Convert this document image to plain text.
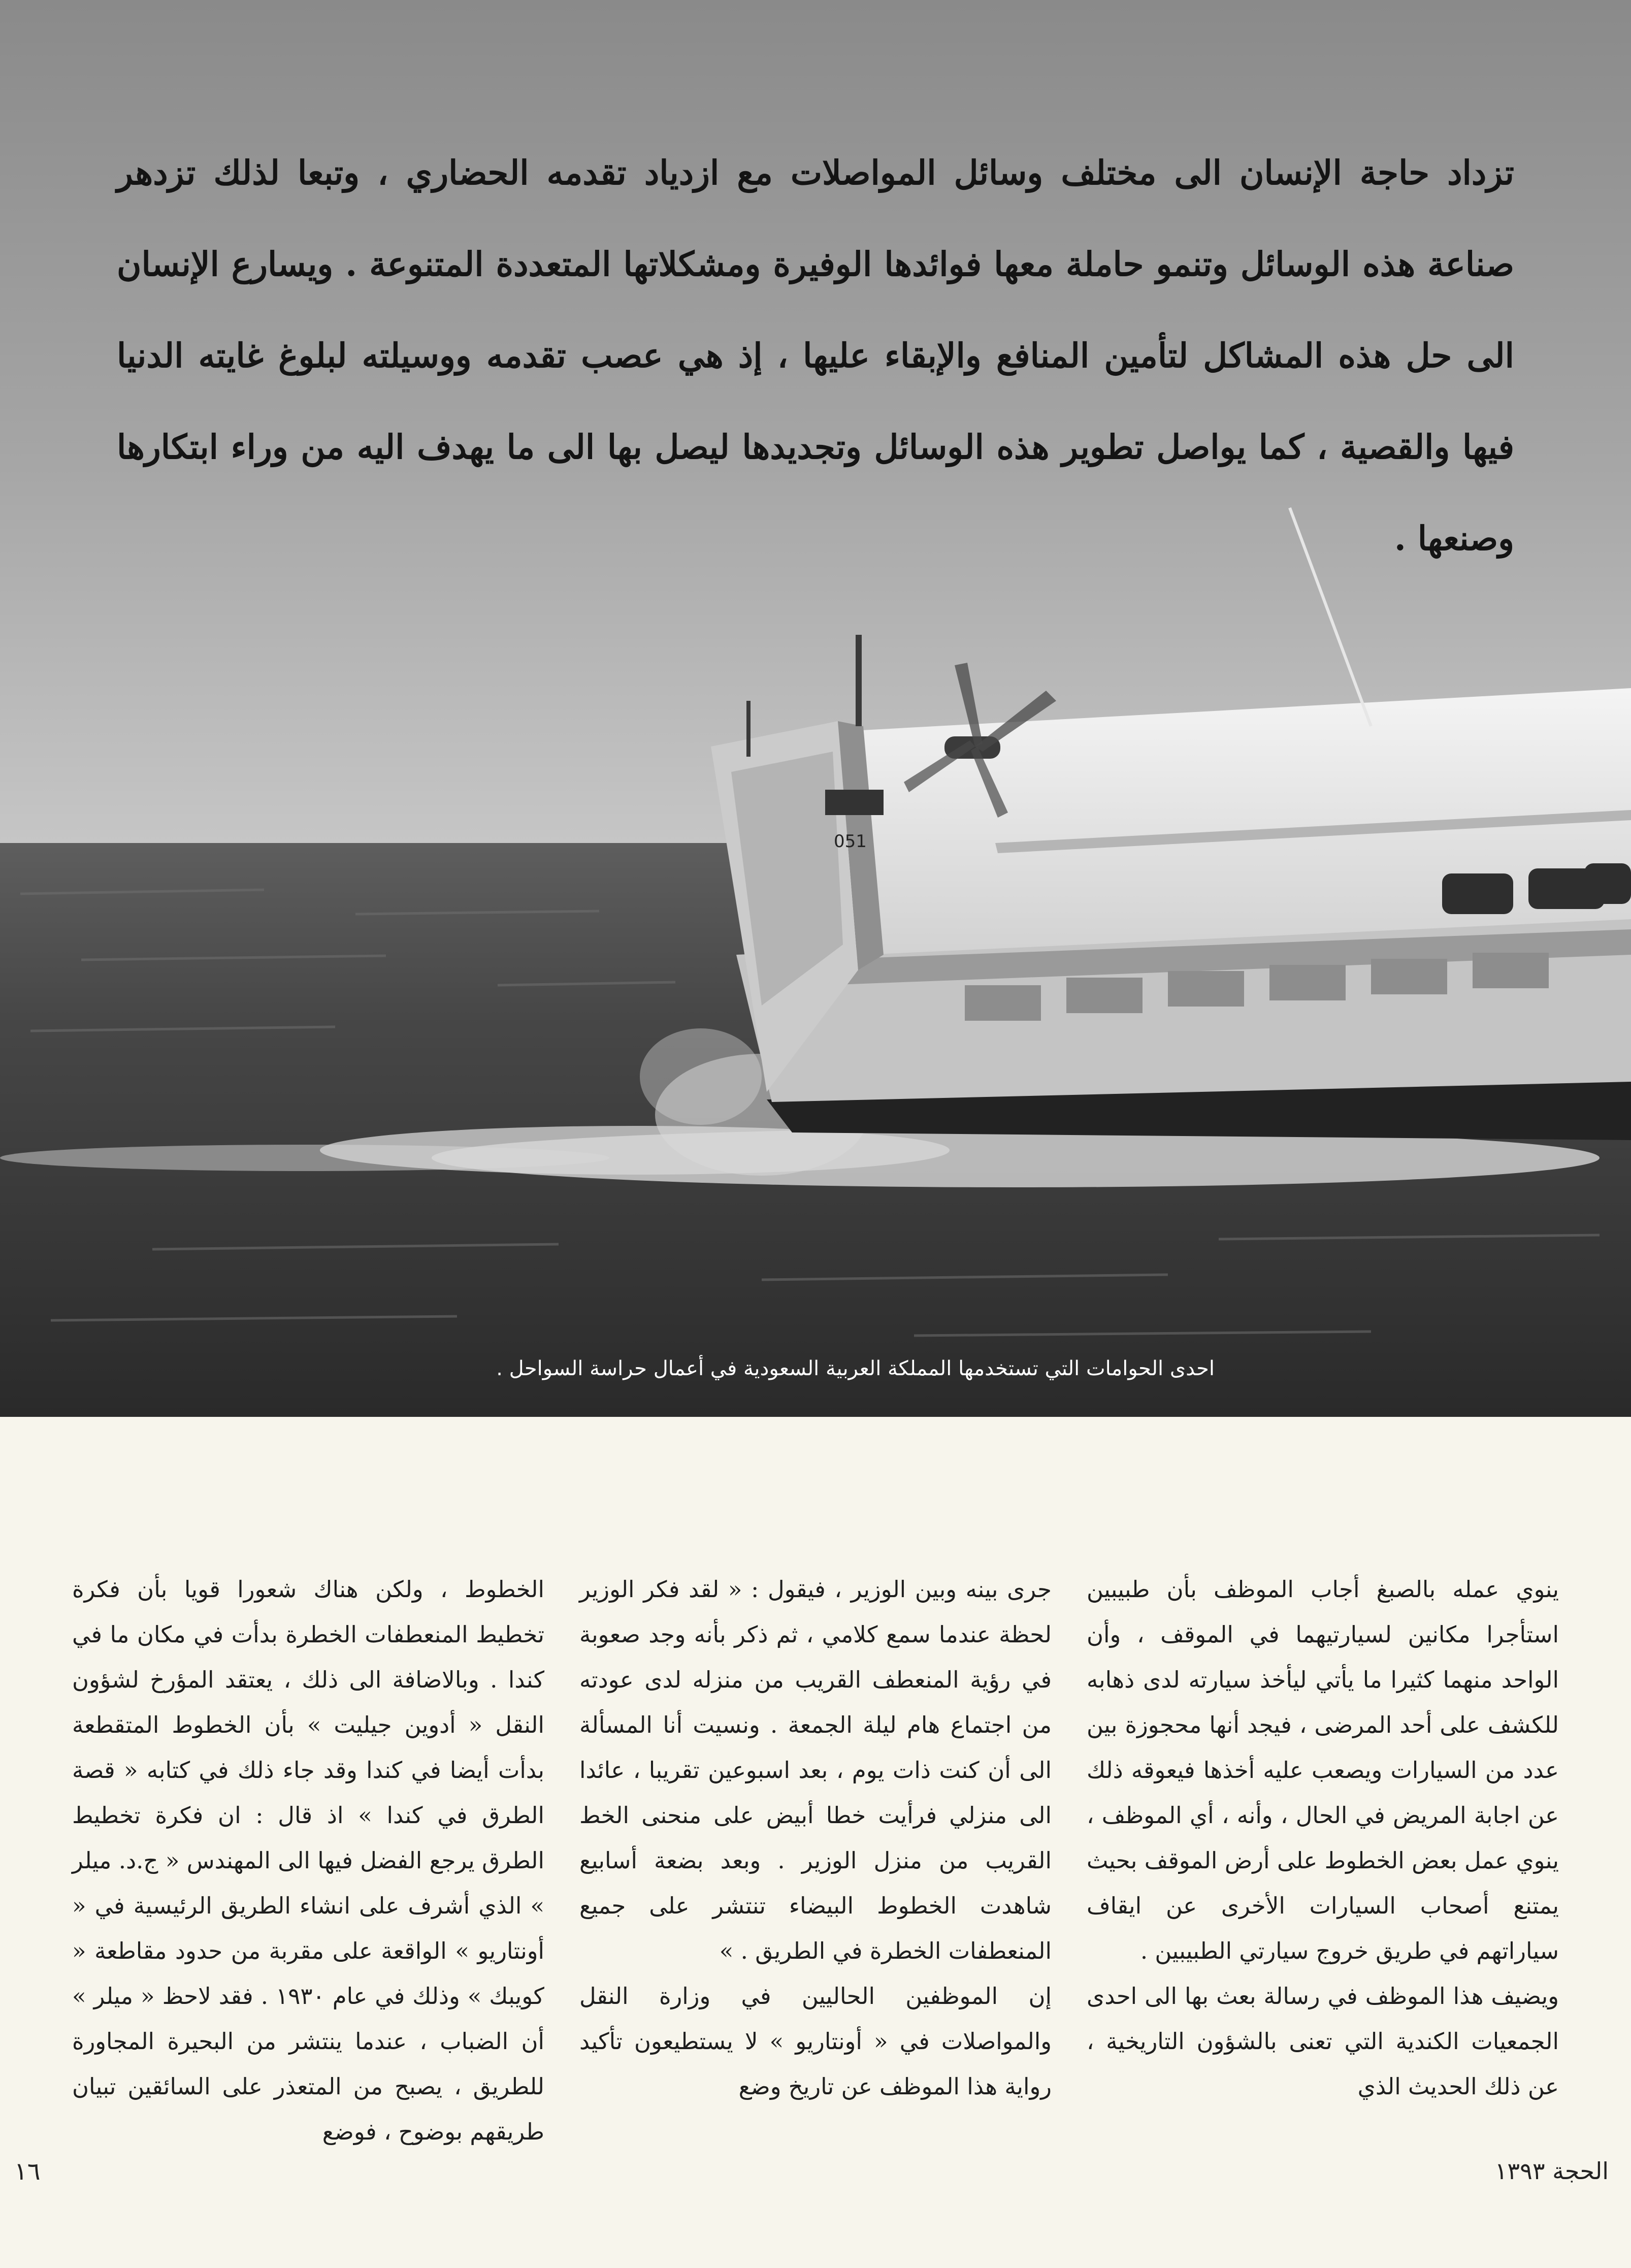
051
تزداد حاجة الإنسان الى مختلف وسائل المواصلات مع ازدياد تقدمه الحضاري ، وتبعا لذلك تزدهر صناعة هذه الوسائل وتنمو حاملة معها فوائدها الوفيرة ومشكلاتها المتعددة المتنوعة . ويسارع الإنسان الى حل هذه المشاكل لتأمين المنافع والإبقاء عليها ، إذ هي عصب تقدمه ووسيلته لبلوغ غايته الدنيا فيها والقصية ، كما يواصل تطوير هذه الوسائل وتجديدها ليصل بها الى ما يهدف اليه من وراء ابتكارها وصنعها .
احدى الحوامات التي تستخدمها المملكة العربية السعودية في أعمال حراسة السواحل .

ينوي عمله بالصبغ أجاب الموظف بأن طبيبين استأجرا مكانين لسيارتيهما في الموقف ، وأن الواحد منهما كثيرا ما يأتي ليأخذ سيارته لدى ذهابه للكشف على أحد المرضى ، فيجد أنها محجوزة بين عدد من السيارات ويصعب عليه أخذها فيعوقه ذلك عن اجابة المريض في الحال ، وأنه ، أي الموظف ، ينوي عمل بعض الخطوط على أرض الموقف بحيث يمتنع أصحاب السيارات الأخرى عن ايقاف سياراتهم في طريق خروج سيارتي الطبيبين .

ويضيف هذا الموظف في رسالة بعث بها الى احدى الجمعيات الكندية التي تعنى بالشؤون التاريخية ، عن ذلك الحديث الذي

جرى بينه وبين الوزير ، فيقول : « لقد فكر الوزير لحظة عندما سمع كلامي ، ثم ذكر بأنه وجد صعوبة في رؤية المنعطف القريب من منزله لدى عودته من اجتماع هام ليلة الجمعة . ونسيت أنا المسألة الى أن كنت ذات يوم ، بعد اسبوعين تقريبا ، عائدا الى منزلي فرأيت خطا أبيض على منحنى الخط القريب من منزل الوزير . وبعد بضعة أسابيع شاهدت الخطوط البيضاء تنتشر على جميع المنعطفات الخطرة في الطريق . »

إن الموظفين الحاليين في وزارة النقل والمواصلات في « أونتاريو » لا يستطيعون تأكيد رواية هذا الموظف عن تاريخ وضع

الخطوط ، ولكن هناك شعورا قويا بأن فكرة تخطيط المنعطفات الخطرة بدأت في مكان ما في كندا . وبالاضافة الى ذلك ، يعتقد المؤرخ لشؤون النقل « أدوين جيليت » بأن الخطوط المتقطعة بدأت أيضا في كندا وقد جاء ذلك في كتابه « قصة الطرق في كندا » اذ قال : ان فكرة تخطيط الطرق يرجع الفضل فيها الى المهندس « ج.د. ميلر » الذي أشرف على انشاء الطريق الرئيسية في « أونتاريو » الواقعة على مقربة من حدود مقاطعة « كويبك » وذلك في عام ١٩٣٠ . فقد لاحظ « ميلر » أن الضباب ، عندما ينتشر من البحيرة المجاورة للطريق ، يصبح من المتعذر على السائقين تبيان طريقهم بوضوح ، فوضع

١٦	الحجة ١٣٩٣
